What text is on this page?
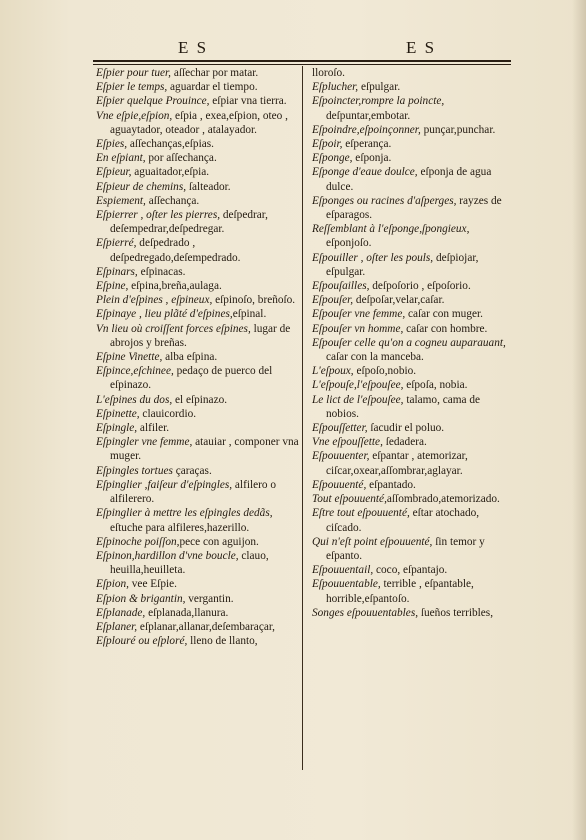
E S	E S

Eſpier pour tuer, aſſechar por matar.

Eſpier le temps, aguardar el tiempo.

Eſpier quelque Prouince, eſpiar vna tierra.

Vne eſpie,eſpion, eſpia , exea,eſpion, oteo , aguaytador, oteador , atalayador.

Eſpies, aſſechanças,eſpias.

En eſpiant, por aſſechança.

Eſpieur, aguaitador,eſpia.

Eſpieur de chemins, ſalteador.

Espiement, aſſechança.

Eſpierrer , oſter les pierres, deſpedrar, deſempedrar,deſpedregar.

Eſpierré, deſpedrado , deſpedregado,deſempedrado.

Eſpinars, eſpinacas.

Eſpine, eſpina,breña,aulaga.

Plein d'eſpines , eſpineux, eſpinoſo, breñoſo.

Eſpinaye , lieu plãté d'eſpines,eſpinal.

Vn lieu où croiſſent forces eſpines, lugar de abrojos y breñas.

Eſpine Vinette, alba eſpina.

Eſpince,eſchinee, pedaço de puerco del eſpinazo.

L'eſpines du dos, el eſpinazo.

Eſpinette, clauicordio.

Eſpingle, alfiler.

Eſpingler vne femme, atauiar , componer vna muger.

Eſpingles tortues çaraças.

Eſpinglier ,faiſeur d'eſpingles, alfilero o alfilerero.

Eſpinglier à mettre les eſpingles dedãs, eſtuche para alfileres,hazerillo.

Eſpinoche poiſſon,pece con aguijon.

Eſpinon,hardillon d'vne boucle, clauo, heuilla,heuilleta.

Eſpion, vee Eſpie.

Eſpion & brigantin, vergantin.

Eſplanade, eſplanada,llanura.

Eſplaner, eſplanar,allanar,deſembaraçar,

Eſplouré ou eſploré, lleno de llanto,

lloroſo.

Eſplucher, eſpulgar.

Eſpoincter,rompre la poincte, deſpuntar,embotar.

Eſpoindre,eſpoinçonner, punçar,punchar.

Eſpoir, eſperança.

Eſponge, eſponja.

Eſponge d'eaue doulce, eſponja de agua dulce.

Eſponges ou racines d'aſperges, rayzes de eſparagos.

Reſſemblant à l'eſponge,ſpongieux, eſponjoſo.

Eſpouiller , oſter les pouls, deſpiojar, eſpulgar.

Eſpouſailles, deſpoſorio , eſpoſorio.

Eſpouſer, deſpoſar,velar,caſar.

Eſpouſer vne femme, caſar con muger.

Eſpouſer vn homme, caſar con hombre.

Eſpouſer celle qu'on a cogneu auparauant, caſar con la manceba.

L'eſpoux, eſpoſo,nobio.

L'eſpouſe,l'eſpouſee, eſpoſa, nobia.

Le lict de l'eſpouſee, talamo, cama de nobios.

Eſpouſſetter, ſacudir el poluo.

Vne eſpouſſette, ſedadera.

Eſpouuenter, eſpantar , atemorizar, ciſcar,oxear,aſſombrar,aglayar.

Eſpouuenté, eſpantado.

Tout eſpouuenté,aſſombrado,atemorizado.

Eſtre tout eſpouuenté, eſtar atochado, ciſcado.

Qui n'eſt point eſpouuenté, ſin temor y eſpanto.

Eſpouuentail, coco, eſpantajo.

Eſpouuentable, terrible , eſpantable, horrible,eſpantoſo.

Songes eſpouuentables, ſueños terribles,
